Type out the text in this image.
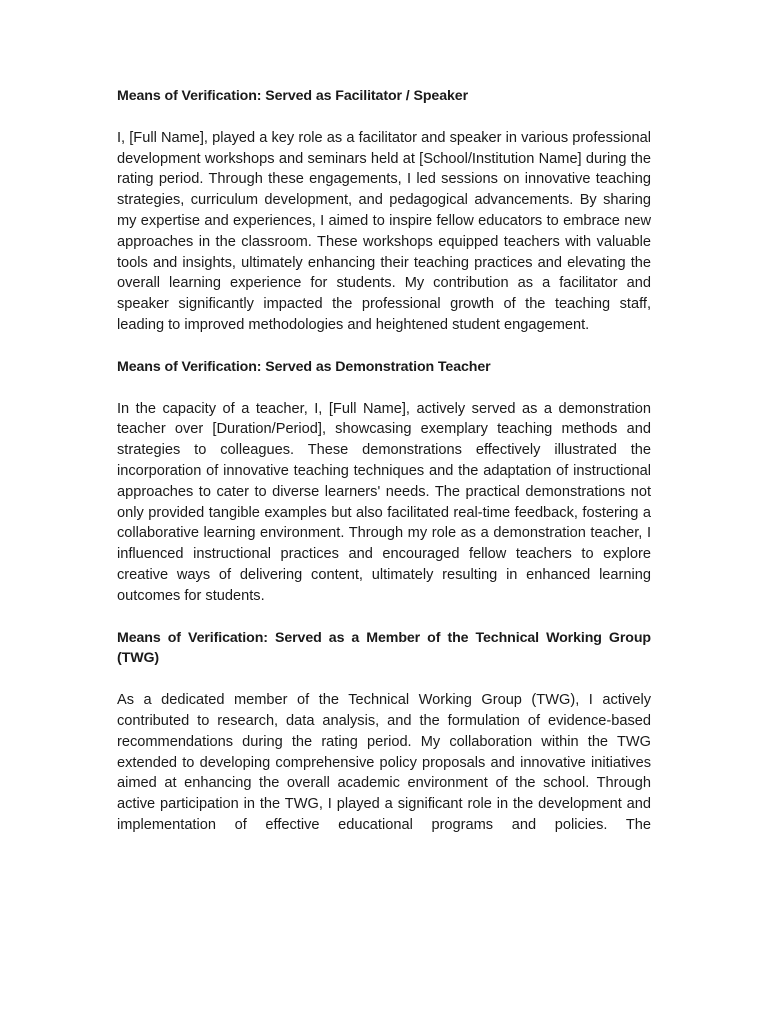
Means of Verification: Served as Facilitator / Speaker

I, [Full Name], played a key role as a facilitator and speaker in various professional development workshops and seminars held at [School/Institution Name] during the rating period. Through these engagements, I led sessions on innovative teaching strategies, curriculum development, and pedagogical advancements. By sharing my expertise and experiences, I aimed to inspire fellow educators to embrace new approaches in the classroom. These workshops equipped teachers with valuable tools and insights, ultimately enhancing their teaching practices and elevating the overall learning experience for students. My contribution as a facilitator and speaker significantly impacted the professional growth of the teaching staff, leading to improved methodologies and heightened student engagement.

Means of Verification: Served as Demonstration Teacher

In the capacity of a teacher, I, [Full Name], actively served as a demonstration teacher over [Duration/Period], showcasing exemplary teaching methods and strategies to colleagues. These demonstrations effectively illustrated the incorporation of innovative teaching techniques and the adaptation of instructional approaches to cater to diverse learners' needs. The practical demonstrations not only provided tangible examples but also facilitated real-time feedback, fostering a collaborative learning environment. Through my role as a demonstration teacher, I influenced instructional practices and encouraged fellow teachers to explore creative ways of delivering content, ultimately resulting in enhanced learning outcomes for students.

Means of Verification: Served as a Member of the Technical Working Group (TWG)

As a dedicated member of the Technical Working Group (TWG), I actively contributed to research, data analysis, and the formulation of evidence-based recommendations during the rating period. My collaboration within the TWG extended to developing comprehensive policy proposals and innovative initiatives aimed at enhancing the overall academic environment of the school. Through active participation in the TWG, I played a significant role in the development and implementation of effective educational programs and policies. The
